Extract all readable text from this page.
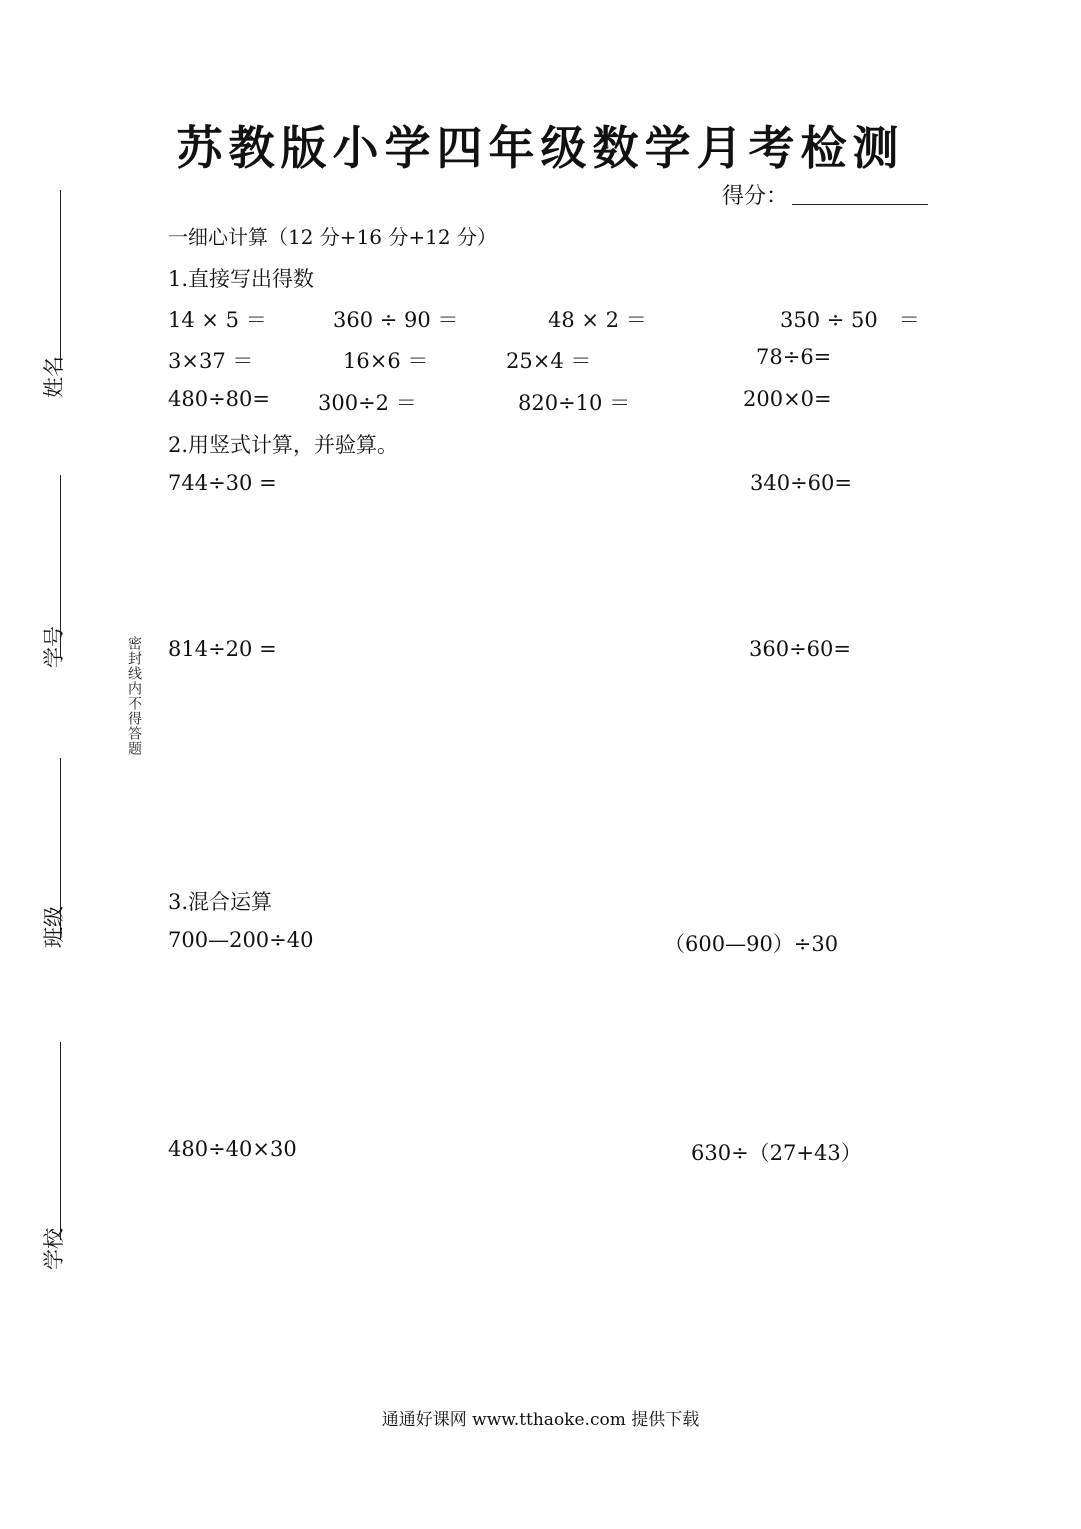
苏教版小学四年级数学月考检测
得分：
姓名
学号
班级
学校
密封线内不得答题
一细心计算（12 分+16 分+12 分）
1.直接写出得数
14 × 5 ＝	360 ÷ 90 ＝	48 × 2 ＝	350 ÷ 50　＝
3×37 ＝	16×6 ＝	25×4 ＝	78÷6=
480÷80= 300÷2 ＝	820÷10 ＝	200×0=
2.用竖式计算，并验算。
744÷30 =	340÷60=
814÷20 =	360÷60=
3.混合运算
700—200÷40	（600—90）÷30
480÷40×30	630÷（27+43）
通通好课网 www.tthaoke.com 提供下载
